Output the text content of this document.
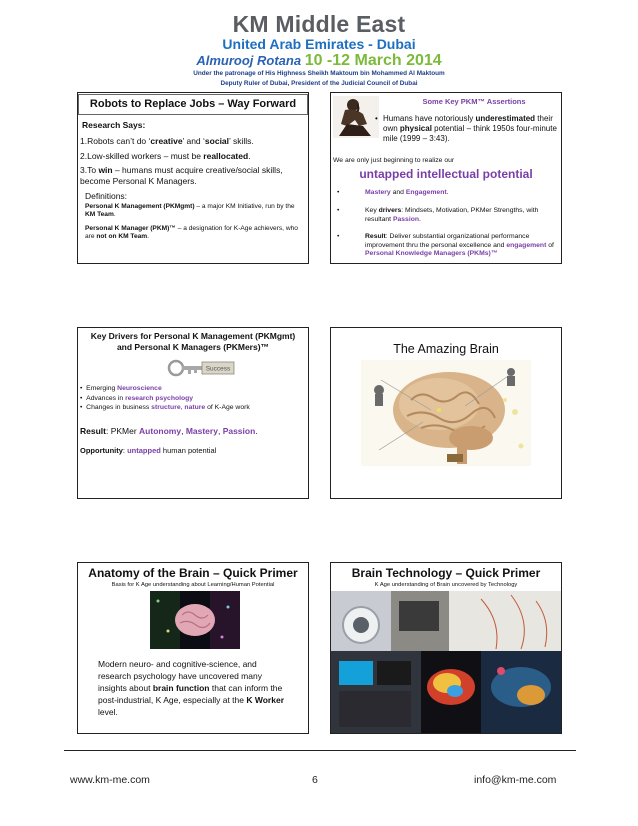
KM Middle East
United Arab Emirates - Dubai
Almurooj Rotana 10 -12 March 2014
Under the patronage of His Highness Sheikh Maktoum bin Mohammed Al Maktoum
Deputy Ruler of Dubai, President of the Judicial Council of Dubai
Robots to Replace Jobs – Way Forward
Research Says:
1.Robots can’t do ‘creative’ and ‘social’ skills.
2.Low-skilled workers – must be reallocated.
3.To win – humans must acquire creative/social skills,
become Personal K Managers.
Definitions:
Personal K Management (PKMgmt) – a major KM Initiative, run by the KM Team.
Personal K Manager (PKM)™ – a designation for K-Age achievers, who are not on KM Team.
Some Key PKM™ Assertions
• Humans have notoriously underestimated their own physical potential – think 1950s four-minute mile (1999 – 3:43).
We are only just beginning to realize our
untapped intellectual potential
•	Mastery and Engagement.
•	Key drivers: Mindsets, Motivation, PKMer Strengths, with resultant Passion.
•	Result: Deliver substantial organizational performance improvement thru the personal excellence and engagement of Personal Knowledge Managers (PKMs)™
Key Drivers for Personal K Management (PKMgmt)
and Personal K Managers (PKMers)™
Success
• Emerging Neuroscience
• Advances in research psychology
• Changes in business structure, nature of K-Age work
Result: PKMer Autonomy, Mastery, Passion.
Opportunity: untapped human potential
The Amazing Brain
Anatomy of the Brain – Quick Primer
Basis for K Age understanding about Learning/Human Potential
Modern neuro- and cognitive-science, and research psychology have uncovered many insights about brain function that can inform the post-industrial, K Age, especially at the K Worker level.
Brain Technology – Quick Primer
K Age understanding of Brain uncovered by Technology
www.km-me.com	6	info@km-me.com
